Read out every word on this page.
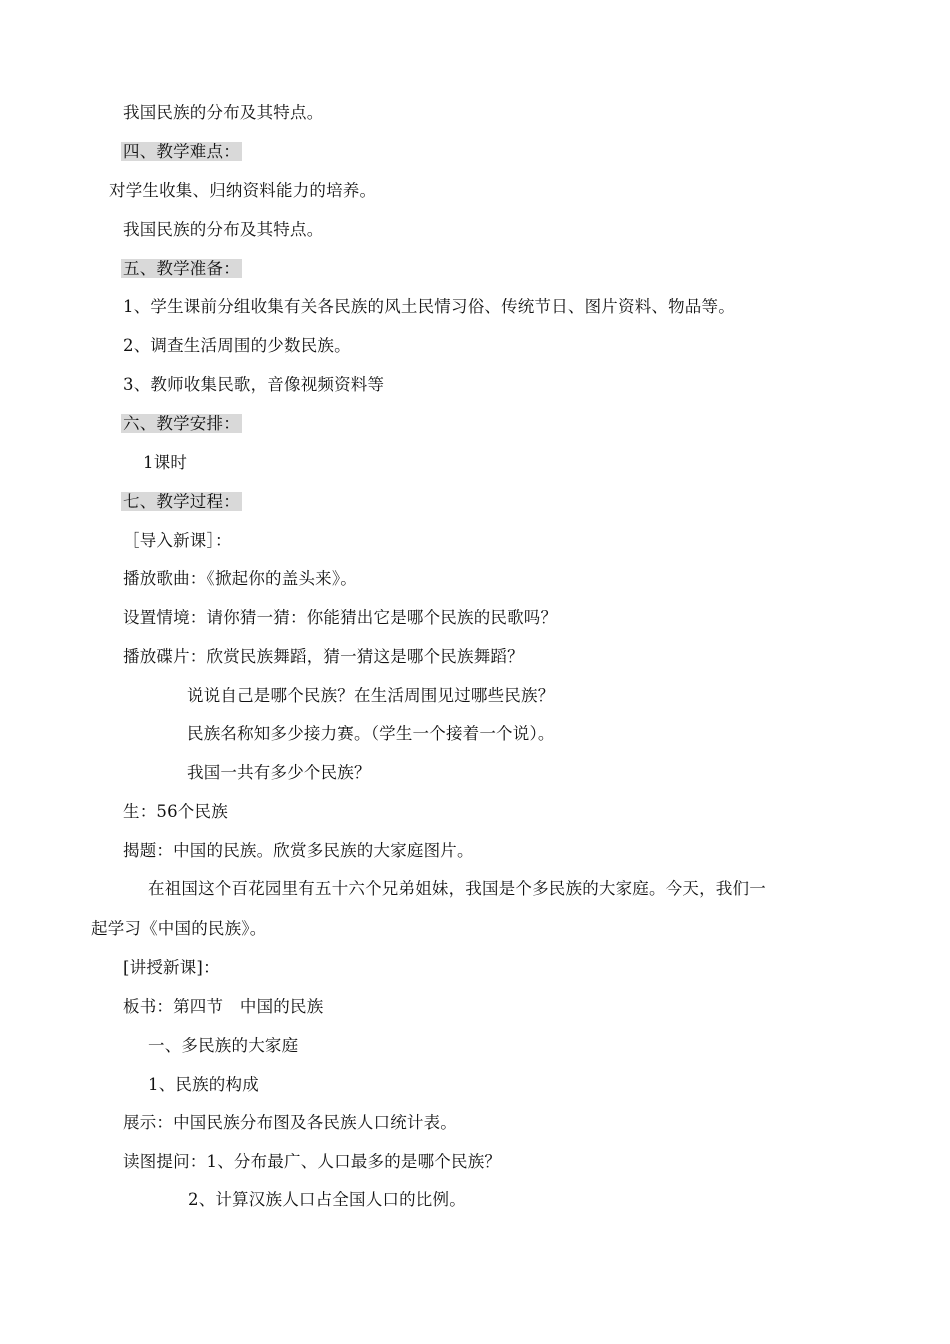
我国民族的分布及其特点。
四、教学难点：
对学生收集、归纳资料能力的培养。
我国民族的分布及其特点。
五、教学准备：
1、学生课前分组收集有关各民族的风土民情习俗、传统节日、图片资料、物品等。
2、调查生活周围的少数民族。
3、教师收集民歌，音像视频资料等
六、教学安排：
1课时
七、教学过程：
［导入新课］：
播放歌曲：《掀起你的盖头来》。
设置情境：请你猜一猜：你能猜出它是哪个民族的民歌吗？
播放碟片：欣赏民族舞蹈，猜一猜这是哪个民族舞蹈？
说说自己是哪个民族？在生活周围见过哪些民族？
民族名称知多少接力赛。（学生一个接着一个说）。
我国一共有多少个民族？
生：56个民族
揭题：中国的民族。欣赏多民族的大家庭图片。
在祖国这个百花园里有五十六个兄弟姐妹，我国是个多民族的大家庭。今天，我们一
起学习《中国的民族》。
[讲授新课]：
板书：第四节　中国的民族
一、多民族的大家庭
1、民族的构成
展示：中国民族分布图及各民族人口统计表。
读图提问：1、分布最广、人口最多的是哪个民族？
2、计算汉族人口占全国人口的比例。
